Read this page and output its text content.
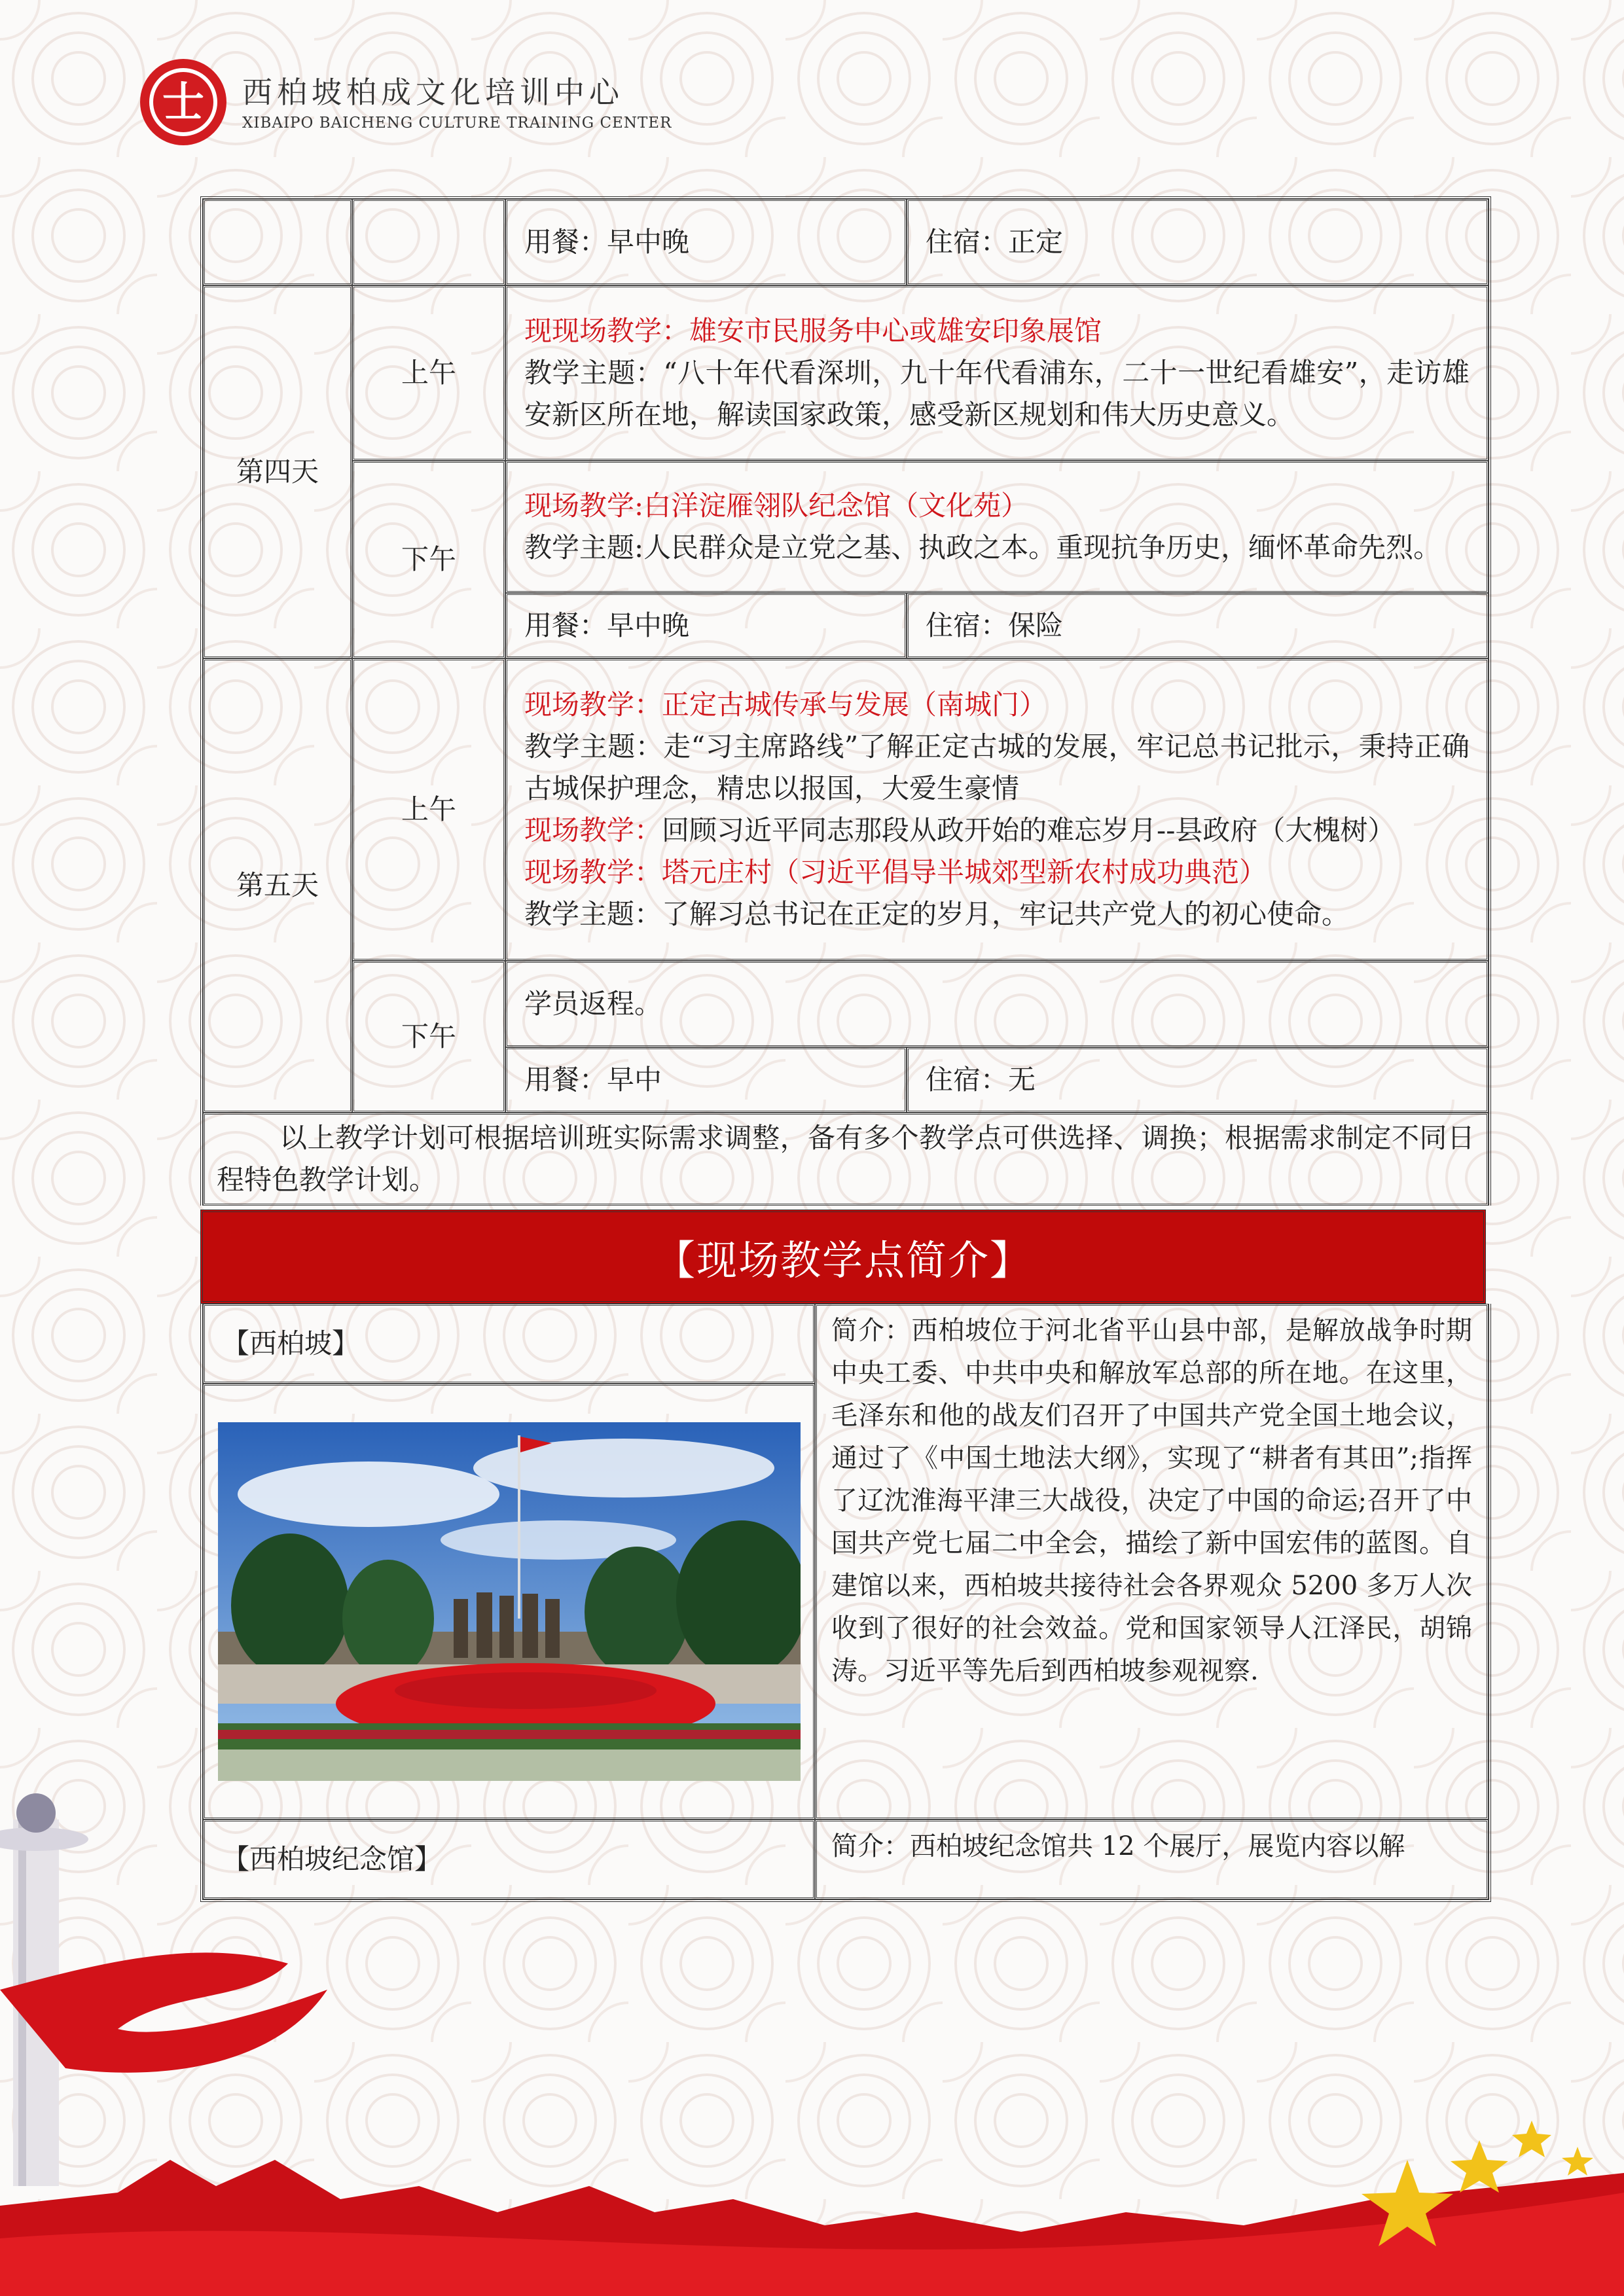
士 西柏坡柏成文化培训中心
XIBAIPO BAICHENG CULTURE TRAINING CENTER
		用餐：早中晚	住宿：正定
第四天	上午	现现场教学：雄安市民服务中心或雄安印象展馆
教学主题：“八十年代看深圳，九十年代看浦东，二十一世纪看雄安”，走访雄安新区所在地，解读国家政策，感受新区规划和伟大历史意义。	

	下午	现场教学:白洋淀雁翎队纪念馆（文化苑）
教学主题:人民群众是立党之基、执政之本。重现抗争历史，缅怀革命先烈。	

		用餐：早中晚	住宿：保险
第五天	上午	现场教学：正定古城传承与发展（南城门）
教学主题：走“习主席路线”了解正定古城的发展，牢记总书记批示，秉持正确古城保护理念，精忠以报国，大爱生豪情
现场教学：回顾习近平同志那段从政开始的难忘岁月--县政府（大槐树）
现场教学：塔元庄村（习近平倡导半城郊型新农村成功典范）
教学主题：了解习总书记在正定的岁月，牢记共产党人的初心使命。	

	下午	学员返程。	
		用餐：早中	住宿：无
以上教学计划可根据培训班实际需求调整，备有多个教学点可供选择、调换；根据需求制定不同日程特色教学计划。			
【现场教学点简介】
【西柏坡】	简介：西柏坡位于河北省平山县中部，是解放战争时期中央工委、中共中央和解放军总部的所在地。在这里，毛泽东和他的战友们召开了中国共产党全国土地会议，通过了《中国土地法大纲》，实现了“耕者有其田”;指挥了辽沈淮海平津三大战役，决定了中国的命运;召开了中国共产党七届二中全会，描绘了新中国宏伟的蓝图。自建馆以来，西柏坡共接待社会各界观众 5200 多万人次收到了很好的社会效益。党和国家领导人江泽民，胡锦涛。习近平等先后到西柏坡参观视察.

【西柏坡纪念馆】	简介：西柏坡纪念馆共 12 个展厅，展览内容以解
